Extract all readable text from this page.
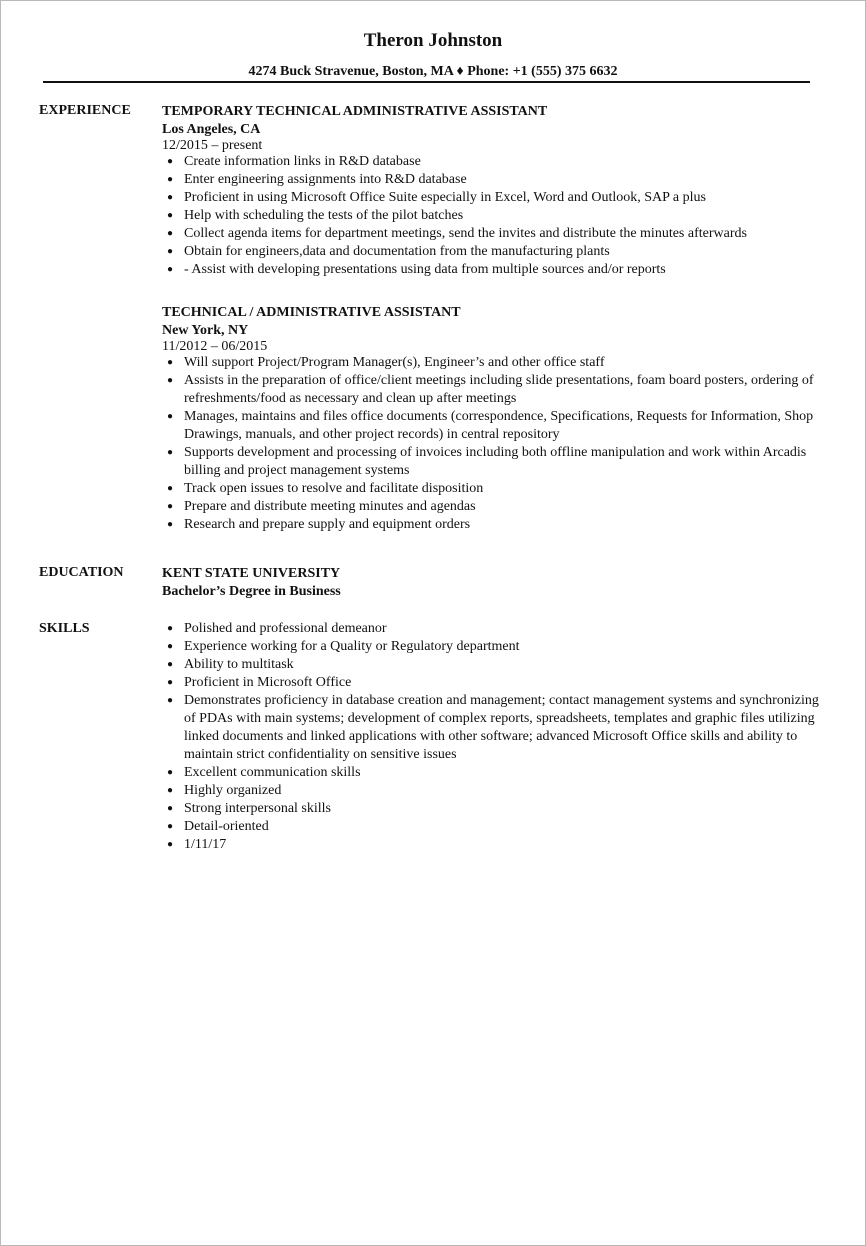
Theron Johnston
4274 Buck Stravenue, Boston, MA ♦ Phone: +1 (555) 375 6632
EXPERIENCE TEMPORARY TECHNICAL ADMINISTRATIVE ASSISTANT
Los Angeles, CA
12/2015 – present
● Create information links in R&D database
● Enter engineering assignments into R&D database
● Proficient in using Microsoft Office Suite especially in Excel, Word and Outlook, SAP a plus
● Help with scheduling the tests of the pilot batches
● Collect agenda items for department meetings, send the invites and distribute the minutes afterwards
● Obtain for engineers,data and documentation from the manufacturing plants
● - Assist with developing presentations using data from multiple sources and/or reports
TECHNICAL / ADMINISTRATIVE ASSISTANT
New York, NY
11/2012 – 06/2015
● Will support Project/Program Manager(s), Engineer’s and other office staff
● Assists in the preparation of office/client meetings including slide presentations, foam board posters, ordering of refreshments/food as necessary and clean up after meetings
● Manages, maintains and files office documents (correspondence, Specifications, Requests for Information, Shop Drawings, manuals, and other project records) in central repository
● Supports development and processing of invoices including both offline manipulation and work within Arcadis billing and project management systems
● Track open issues to resolve and facilitate disposition
● Prepare and distribute meeting minutes and agendas
● Research and prepare supply and equipment orders
EDUCATION	KENT STATE UNIVERSITY
Bachelor’s Degree in Business
SKILLS	● Polished and professional demeanor
● Experience working for a Quality or Regulatory department
● Ability to multitask
● Proficient in Microsoft Office
● Demonstrates proficiency in database creation and management; contact management systems and synchronizing of PDAs with main systems; development of complex reports, spreadsheets, templates and graphic files utilizing linked documents and linked applications with other software; advanced Microsoft Office skills and ability to maintain strict confidentiality on sensitive issues
● Excellent communication skills
● Highly organized
● Strong interpersonal skills
● Detail-oriented
● 1/11/17
